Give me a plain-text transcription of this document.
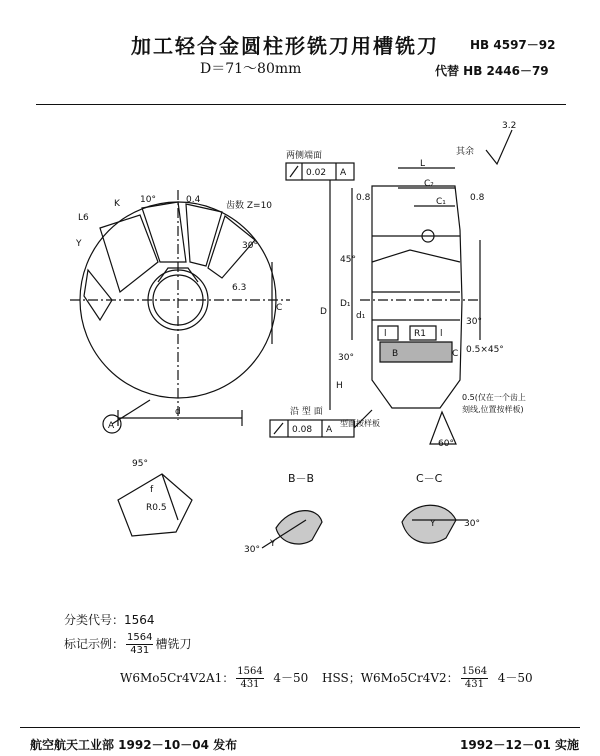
加工轻合金圆柱形铣刀用槽铣刀	HB 4597－92
D＝71～80mm	代替 HB 2446－79
K 10°	0.4
齿数 Z=10
L6
Y	30°
6.3
C
d
A
两侧端面
0.02 A
3.2
其余
L
C₂
C₁
0.8	0.8
45°
D
D₁
d₁
l	R1 l
30°
0.5×45°
30°	B	C
H
沿 型 面
0.08 A
型面按样板
0.5(仅在一个齿上
刻线,位置按样板)
60°
95°
f
R0.5
B－B	C－C
Y
Y
30°
30°
分类代号：1564
标记示例： $\frac{1564}{431}$ 槽铣刀
W6Mo5Cr4V2A1： $\frac{1564}{431} 4-50$ HSS；W6Mo5Cr4V2： $\frac{1564}{431} 4-50$
航空航天工业部 1992－10－04 发布	1992－12－01 实施
